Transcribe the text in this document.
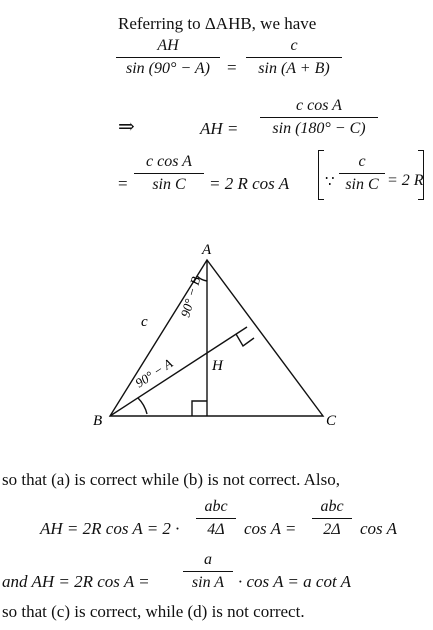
Referring to ΔAHB, we have
AH
sin (90° − A)	=
c
sin (A + B)
⇒	AH =
c cos A
sin (180° − C)
=
c cos A
sin C	= 2 R cos A ∵
c
sin C = 2 R
A
B	C
H
c
90° − B
90° − A
so that (a) is correct while (b) is not correct. Also,
AH = 2R cos A = 2 ·
abc
4Δ	cos A =
abc
2Δ	cos A
and AH = 2R cos A =
a
sin A · cos A = a cot A
so that (c) is correct, while (d) is not correct.
